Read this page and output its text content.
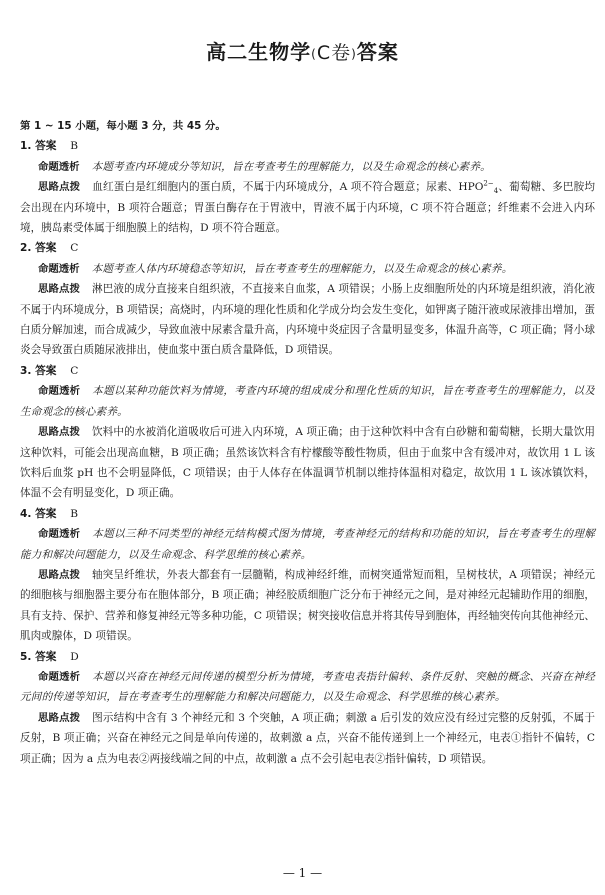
高二生物学(C卷)答案
第 1 ~ 15 小题，每小题 3 分，共 45 分。
1. 答案 B

命题透析 本题考查内环境成分等知识，旨在考查考生的理解能力，以及生命观念的核心素养。

思路点拨 血红蛋白是红细胞内的蛋白质，不属于内环境成分，A 项不符合题意；尿素、$HPO^{2-}_4$、葡萄糖、多巴胺均会出现在内环境中，B 项符合题意；胃蛋白酶存在于胃液中，胃液不属于内环境，C 项不符合题意；纤维素不会进入内环境，胰岛素受体属于细胞膜上的结构，D 项不符合题意。

2. 答案 C

命题透析 本题考查人体内环境稳态等知识，旨在考查考生的理解能力，以及生命观念的核心素养。

思路点拨 淋巴液的成分直接来自组织液，不直接来自血浆，A 项错误；小肠上皮细胞所处的内环境是组织液，消化液不属于内环境成分，B 项错误；高烧时，内环境的理化性质和化学成分均会发生变化，如钾离子随汗液或尿液排出增加，蛋白质分解加速，而合成减少，导致血液中尿素含量升高，内环境中炎症因子含量明显变多，体温升高等，C 项正确；肾小球炎会导致蛋白质随尿液排出，使血浆中蛋白质含量降低，D 项错误。

3. 答案 C

命题透析 本题以某种功能饮料为情境，考查内环境的组成成分和理化性质的知识，旨在考查考生的理解能力，以及生命观念的核心素养。

思路点拨 饮料中的水被消化道吸收后可进入内环境，A 项正确；由于这种饮料中含有白砂糖和葡萄糖，长期大量饮用这种饮料，可能会出现高血糖，B 项正确；虽然该饮料含有柠檬酸等酸性物质，但由于血浆中含有缓冲对，故饮用 1 L 该饮料后血浆 pH 也不会明显降低，C 项错误；由于人体存在体温调节机制以维持体温相对稳定，故饮用 1 L 该冰镇饮料，体温不会有明显变化，D 项正确。

4. 答案 B

命题透析 本题以三种不同类型的神经元结构模式图为情境，考查神经元的结构和功能的知识，旨在考查考生的理解能力和解决问题能力，以及生命观念、科学思维的核心素养。

思路点拨 轴突呈纤维状，外表大都套有一层髓鞘，构成神经纤维，而树突通常短而粗，呈树枝状，A 项错误；神经元的细胞核与细胞器主要分布在胞体部分，B 项正确；神经胶质细胞广泛分布于神经元之间，是对神经元起辅助作用的细胞，具有支持、保护、营养和修复神经元等多种功能，C 项错误；树突接收信息并将其传导到胞体，再经轴突传向其他神经元、肌肉或腺体，D 项错误。

5. 答案 D

命题透析 本题以兴奋在神经元间传递的模型分析为情境，考查电表指针偏转、条件反射、突触的概念、兴奋在神经元间的传递等知识，旨在考查考生的理解能力和解决问题能力，以及生命观念、科学思维的核心素养。

思路点拨 图示结构中含有 3 个神经元和 3 个突触，A 项正确；刺激 a 后引发的效应没有经过完整的反射弧，不属于反射，B 项正确；兴奋在神经元之间是单向传递的，故刺激 a 点，兴奋不能传递到上一个神经元，电表①指针不偏转，C 项正确；因为 a 点为电表②两接线端之间的中点，故刺激 a 点不会引起电表②指针偏转，D 项错误。

— 1 —
